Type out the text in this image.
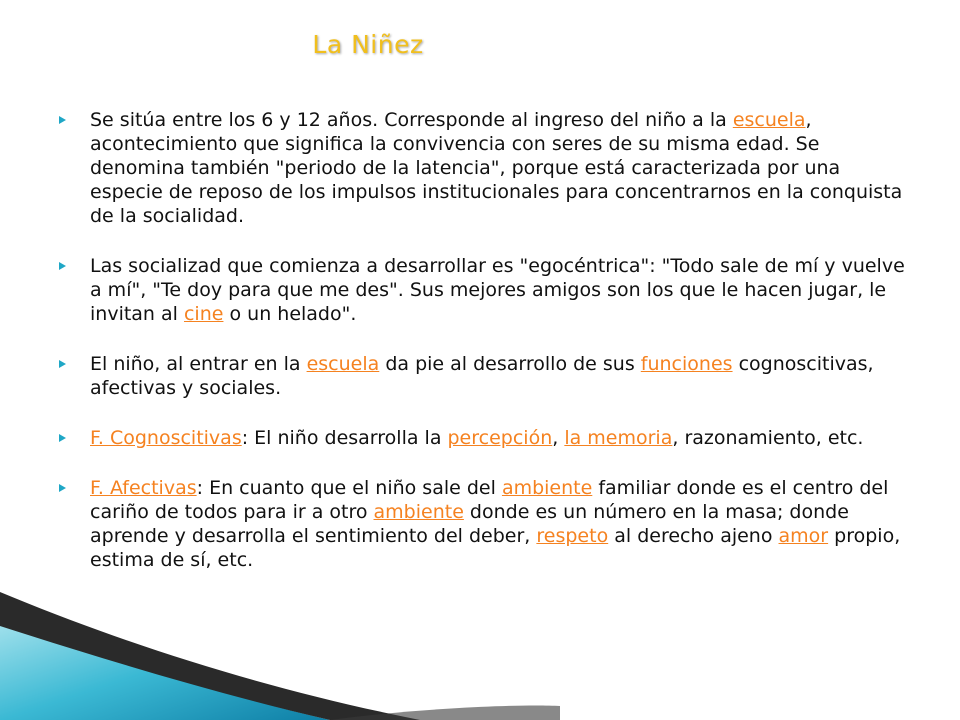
La Niñez
Se sitúa entre los 6 y 12 años. Corresponde al ingreso del niño a la escuela, acontecimiento que significa la convivencia con seres de su misma edad. Se denomina también "periodo de la latencia", porque está caracterizada por una especie de reposo de los impulsos institucionales para concentrarnos en la conquista de la socialidad.
Las socializad que comienza a desarrollar es "egocéntrica": "Todo sale de mí y vuelve a mí", "Te doy para que me des". Sus mejores amigos son los que le hacen jugar, le invitan al cine o un helado".
El niño, al entrar en la escuela da pie al desarrollo de sus funciones cognoscitivas, afectivas y sociales.
F. Cognoscitivas: El niño desarrolla la percepción, la memoria, razonamiento, etc.
F. Afectivas: En cuanto que el niño sale del ambiente familiar donde es el centro del cariño de todos para ir a otro ambiente donde es un número en la masa; donde aprende y desarrolla el sentimiento del deber, respeto al derecho ajeno amor propio, estima de sí, etc.
